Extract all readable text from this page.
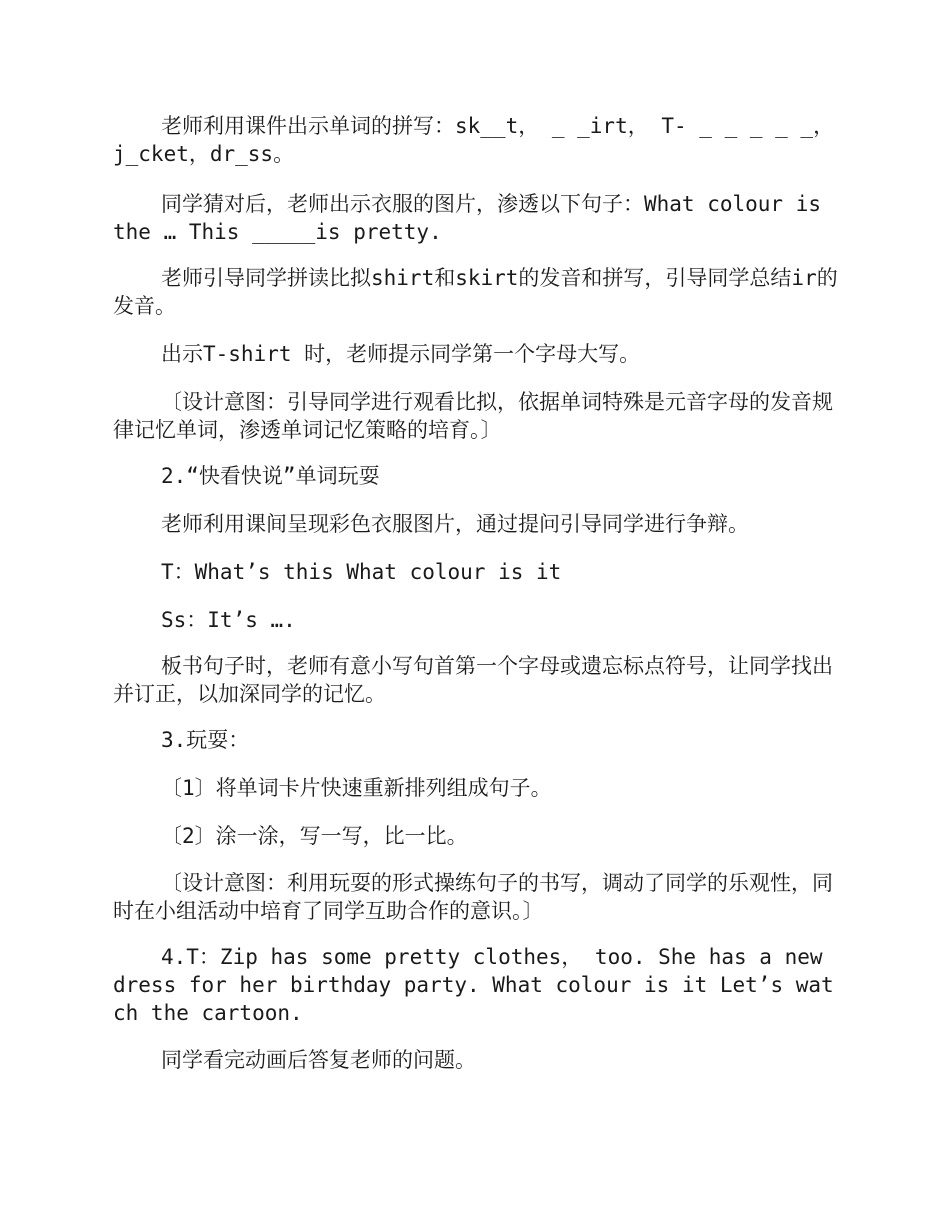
老师利用课件出示单词的拼写：sk__t， _ _irt， T- _ _ _ _ _，j_cket，dr_ss。

同学猜对后，老师出示衣服的图片，渗透以下句子：What colour is the … This _____is pretty.

老师引导同学拼读比拟shirt和skirt的发音和拼写，引导同学总结ir的发音。

出示T-shirt 时，老师提示同学第一个字母大写。

〔设计意图：引导同学进行观看比拟，依据单词特殊是元音字母的发音规律记忆单词，渗透单词记忆策略的培育。〕

2.“快看快说”单词玩耍

老师利用课间呈现彩色衣服图片，通过提问引导同学进行争辩。

T：What’s this What colour is it

Ss：It’s ….

板书句子时，老师有意小写句首第一个字母或遗忘标点符号，让同学找出并订正，以加深同学的记忆。

3.玩耍：

〔1〕将单词卡片快速重新排列组成句子。

〔2〕涂一涂，写一写，比一比。

〔设计意图：利用玩耍的形式操练句子的书写，调动了同学的乐观性，同时在小组活动中培育了同学互助合作的意识。〕

4.T：Zip has some pretty clothes， too. She has a new dress for her birthday party. What colour is it Let’s watch the cartoon.

同学看完动画后答复老师的问题。
